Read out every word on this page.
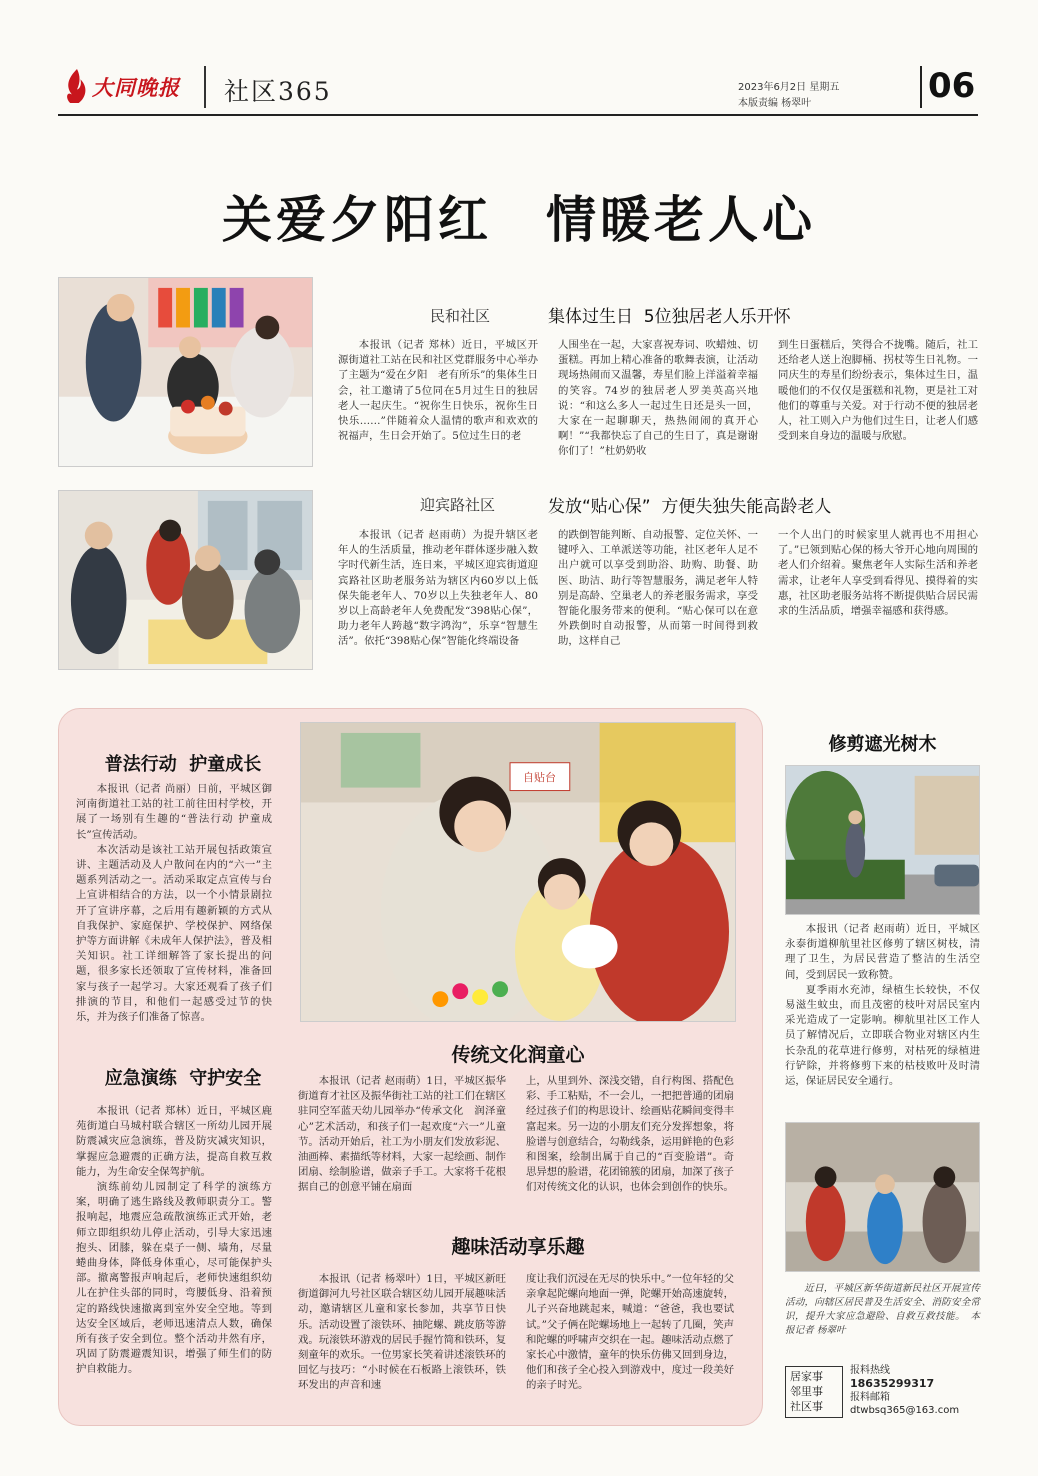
大同晚报 社区365	2023年6月2日 星期五
本版责编 杨翠叶	06
关爱夕阳红　情暖老人心
民和社区	集体过生日  5位独居老人乐开怀

本报讯（记者 郑林）近日，平城区开源街道社工站在民和社区党群服务中心举办了主题为“爱在夕阳　老有所乐”的集体生日会，社工邀请了5位同在5月过生日的独居老人一起庆生。“祝你生日快乐，祝你生日快乐……”伴随着众人温情的歌声和欢欢的祝福声，生日会开始了。5位过生日的老

人围坐在一起，大家喜祝寿词、吹蜡烛、切蛋糕。再加上精心准备的歌舞表演，让活动现场热闹而又温馨，寿星们脸上洋溢着幸福的笑容。74岁的独居老人罗美英高兴地说：“和这么多人一起过生日还是头一回，大家在一起聊聊天，热热闹闹的真开心啊！”“我都快忘了自己的生日了，真是谢谢你们了！”杜奶奶收

到生日蛋糕后，笑得合不拢嘴。随后，社工还给老人送上泡脚桶、拐杖等生日礼物。一同庆生的寿星们纷纷表示，集体过生日，温暖他们的不仅仅是蛋糕和礼物，更是社工对他们的尊重与关爱。对于行动不便的独居老人，社工则入户为他们过生日，让老人们感受到来自身边的温暖与欣慰。

迎宾路社区	发放“贴心保”  方便失独失能高龄老人

本报讯（记者 赵雨萌）为提升辖区老年人的生活质量，推动老年群体逐步融入数字时代新生活，连日来，平城区迎宾街道迎宾路社区助老服务站为辖区内60岁以上低保失能老年人、70岁以上失独老年人、80岁以上高龄老年人免费配发“398贴心保”，助力老年人跨越“数字鸿沟”，乐享“智慧生活”。依托“398贴心保”智能化终端设备

的跌倒智能判断、自动报警、定位关怀、一键呼入、工单派送等功能，社区老年人足不出户就可以享受到助浴、助购、助餐、助医、助洁、助行等智慧服务，满足老年人特别是高龄、空巢老人的养老服务需求，享受智能化服务带来的便利。“贴心保可以在意外跌倒时自动报警，从而第一时间得到救助，这样自己

一个人出门的时候家里人就再也不用担心了。”已领到贴心保的杨大爷开心地向周围的老人们介绍着。聚焦老年人实际生活和养老需求，让老年人享受到看得见、摸得着的实惠，社区助老服务站将不断提供贴合居民需求的生活品质，增强幸福感和获得感。

普法行动  护童成长

本报讯（记者 尚丽）日前，平城区御河南街道社工站的社工前往田村学校，开展了一场别有生趣的“普法行动 护童成长”宣传活动。

本次活动是该社工站开展包括政策宣讲、主题活动及人户散问在内的“六一”主题系列活动之一。活动采取定点宣传与台上宣讲相结合的方法，以一个小情景剧拉开了宣讲序幕，之后用有趣新颖的方式从自我保护、家庭保护、学校保护、网络保护等方面讲解《未成年人保护法》，普及相关知识。社工详细解答了家长提出的问题，很多家长还领取了宣传材料，准备回家与孩子一起学习。大家还观看了孩子们排演的节目，和他们一起感受过节的快乐，并为孩子们准备了惊喜。

应急演练  守护安全

本报讯（记者 郑林）近日，平城区鹿苑街道白马城村联合辖区一所幼儿园开展防震减灾应急演练，普及防灾减灾知识，掌握应急避震的正确方法，提高自救互救能力，为生命安全保驾护航。

演练前幼儿园制定了科学的演练方案，明确了逃生路线及教师职责分工。警报响起，地震应急疏散演练正式开始，老师立即组织幼儿停止活动，引导大家迅速抱头、团膝，躲在桌子一侧、墙角，尽量蜷曲身体，降低身体重心，尽可能保护头部。撤离警报声响起后，老师快速组织幼儿在护住头部的同时，弯腰低身、沿着预定的路线快速撤离到室外安全空地。等到达安全区域后，老师迅速清点人数，确保所有孩子安全到位。整个活动井然有序，巩固了防震避震知识，增强了师生们的防护自救能力。

自贴台
传统文化润童心

本报讯（记者 赵雨萌）1日，平城区振华街道育才社区及振华街社工站的社工们在辖区驻同空军蓝天幼儿园举办“传承文化　润泽童心”艺术活动，和孩子们一起欢度“六一”儿童节。活动开始后，社工为小朋友们发放彩泥、油画棒、素描纸等材料，大家一起绘画、制作团扇、绘制脸谱，做亲子手工。大家将千花根据自己的创意平铺在扇面

上，从里到外、深浅交错，自行构图、搭配色彩、手工粘贴，不一会儿，一把把普通的团扇经过孩子们的构思设计、绘画贴花瞬间变得丰富起来。另一边的小朋友们充分发挥想象，将脸谱与创意结合，勾勒线条，运用鲜艳的色彩和图案，绘制出属于自己的“百变脸谱”。奇思异想的脸谱，花团锦簇的团扇，加深了孩子们对传统文化的认识，也体会到创作的快乐。

趣味活动享乐趣

本报讯（记者 杨翠叶）1日，平城区新旺街道御河九号社区联合辖区幼儿园开展趣味活动，邀请辖区儿童和家长参加，共享节日快乐。活动设置了滚铁环、抽陀螺、跳皮筋等游戏。玩滚铁环游戏的居民手握竹简和铁环，复刻童年的欢乐。一位男家长笑着讲述滚铁环的回忆与技巧：“小时候在石板路上滚铁环，铁环发出的声音和速

度让我们沉浸在无尽的快乐中。”一位年轻的父亲拿起陀螺向地面一弹，陀螺开始高速旋转，儿子兴奋地跳起来，喊道：“爸爸，我也要试试。”父子俩在陀螺场地上一起转了几圈，笑声和陀螺的呼啸声交织在一起。趣味活动点燃了家长心中激情，童年的快乐仿佛又回到身边，他们和孩子全心投入到游戏中，度过一段美好的亲子时光。

修剪遮光树木

本报讯（记者 赵雨萌）近日，平城区永泰街道柳航里社区修剪了辖区树枝，清理了卫生，为居民营造了整洁的生活空间，受到居民一致称赞。

夏季雨水充沛，绿植生长较快，不仅易滋生蚊虫，而且茂密的枝叶对居民室内采光造成了一定影响。柳航里社区工作人员了解情况后，立即联合物业对辖区内生长杂乱的花草进行修剪，对枯死的绿植进行铲除，并将修剪下来的枯枝败叶及时清运，保证居民安全通行。

近日，平城区新华街道新民社区开展宣传活动，向辖区居民普及生活安全、消防安全常识，提升大家应急避险、自救互救技能。　本报记者 杨翠叶
居家事
邻里事
社区事
报料热线
18635299317
报料邮箱
dtwbsq365@163.com
